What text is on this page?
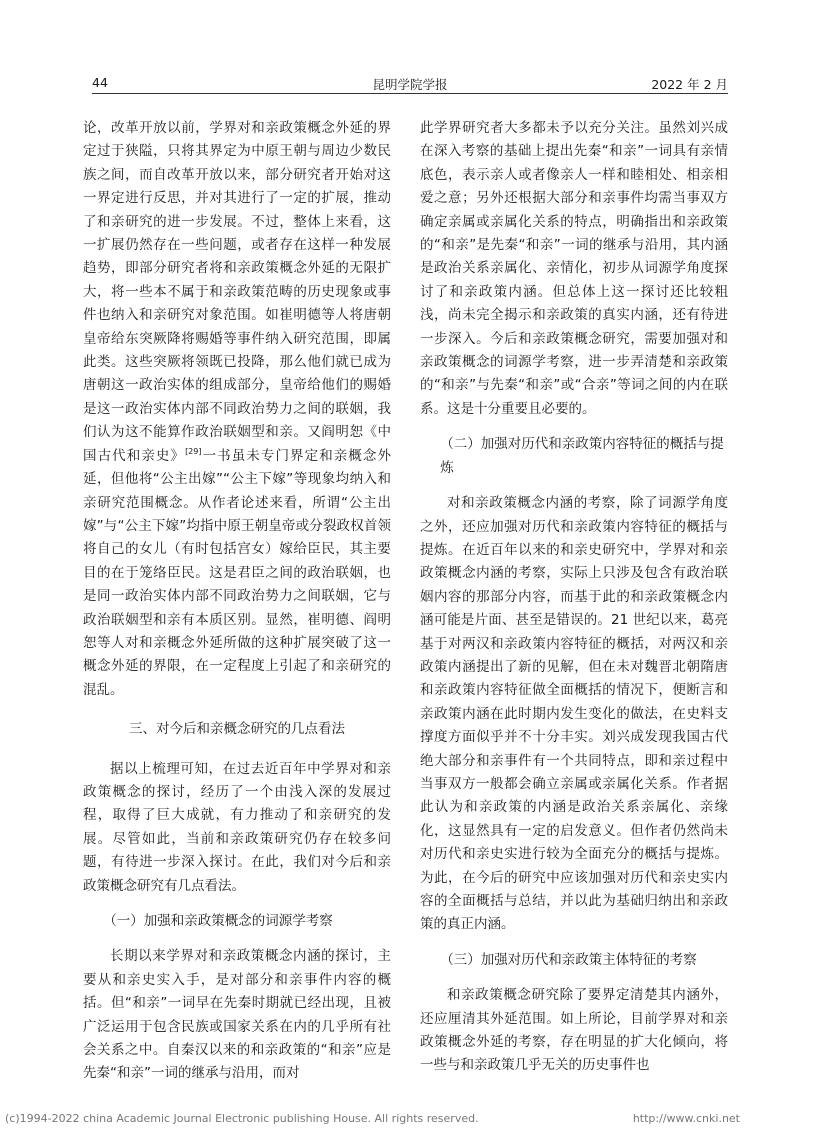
44	昆明学院学报	2022 年 2 月

论，改革开放以前，学界对和亲政策概念外延的界定过于狭隘，只将其界定为中原王朝与周边少数民族之间，而自改革开放以来，部分研究者开始对这一界定进行反思，并对其进行了一定的扩展，推动了和亲研究的进一步发展。不过，整体上来看，这一扩展仍然存在一些问题，或者存在这样一种发展趋势，即部分研究者将和亲政策概念外延的无限扩大，将一些本不属于和亲政策范畴的历史现象或事件也纳入和亲研究对象范围。如崔明德等人将唐朝皇帝给东突厥降将赐婚等事件纳入研究范围，即属此类。这些突厥将领既已投降，那么他们就已成为唐朝这一政治实体的组成部分，皇帝给他们的赐婚是这一政治实体内部不同政治势力之间的联姻，我们认为这不能算作政治联姻型和亲。又阎明恕《中国古代和亲史》[29]一书虽未专门界定和亲概念外延，但他将“公主出嫁”“公主下嫁”等现象均纳入和亲研究范围概念。从作者论述来看，所谓“公主出嫁”与“公主下嫁”均指中原王朝皇帝或分裂政权首领将自己的女儿（有时包括宫女）嫁给臣民，其主要目的在于笼络臣民。这是君臣之间的政治联姻，也是同一政治实体内部不同政治势力之间联姻，它与政治联姻型和亲有本质区别。显然，崔明德、阎明恕等人对和亲概念外延所做的这种扩展突破了这一概念外延的界限，在一定程度上引起了和亲研究的混乱。

三、对今后和亲概念研究的几点看法

据以上梳理可知，在过去近百年中学界对和亲政策概念的探讨，经历了一个由浅入深的发展过程，取得了巨大成就，有力推动了和亲研究的发展。尽管如此，当前和亲政策研究仍存在较多问题，有待进一步深入探讨。在此，我们对今后和亲政策概念研究有几点看法。

（一）加强和亲政策概念的词源学考察

长期以来学界对和亲政策概念内涵的探讨，主要从和亲史实入手，是对部分和亲事件内容的概括。但“和亲”一词早在先秦时期就已经出现，且被广泛运用于包含民族或国家关系在内的几乎所有社会关系之中。自秦汉以来的和亲政策的“和亲”应是先秦“和亲”一词的继承与沿用，而对

此学界研究者大多都未予以充分关注。虽然刘兴成在深入考察的基础上提出先秦“和亲”一词具有亲情底色，表示亲人或者像亲人一样和睦相处、相亲相爱之意；另外还根据大部分和亲事件均需当事双方确定亲属或亲属化关系的特点，明确指出和亲政策的“和亲”是先秦“和亲”一词的继承与沿用，其内涵是政治关系亲属化、亲情化，初步从词源学角度探讨了和亲政策内涵。但总体上这一探讨还比较粗浅，尚未完全揭示和亲政策的真实内涵，还有待进一步深入。今后和亲政策概念研究，需要加强对和亲政策概念的词源学考察，进一步弄清楚和亲政策的“和亲”与先秦“和亲”或“合亲”等词之间的内在联系。这是十分重要且必要的。

（二）加强对历代和亲政策内容特征的概括与提炼

对和亲政策概念内涵的考察，除了词源学角度之外，还应加强对历代和亲政策内容特征的概括与提炼。在近百年以来的和亲史研究中，学界对和亲政策概念内涵的考察，实际上只涉及包含有政治联姻内容的那部分内容，而基于此的和亲政策概念内涵可能是片面、甚至是错误的。21 世纪以来，葛亮基于对两汉和亲政策内容特征的概括，对两汉和亲政策内涵提出了新的见解，但在未对魏晋北朝隋唐和亲政策内容特征做全面概括的情况下，便断言和亲政策内涵在此时期内发生变化的做法，在史料支撑度方面似乎并不十分丰实。刘兴成发现我国古代绝大部分和亲事件有一个共同特点，即和亲过程中当事双方一般都会确立亲属或亲属化关系。作者据此认为和亲政策的内涵是政治关系亲属化、亲缘化，这显然具有一定的启发意义。但作者仍然尚未对历代和亲史实进行较为全面充分的概括与提炼。为此，在今后的研究中应该加强对历代和亲史实内容的全面概括与总结，并以此为基础归纳出和亲政策的真正内涵。

（三）加强对历代和亲政策主体特征的考察

和亲政策概念研究除了要界定清楚其内涵外，还应厘清其外延范围。如上所论，目前学界对和亲政策概念外延的考察，存在明显的扩大化倾向，将一些与和亲政策几乎无关的历史事件也

(c)1994-2022 china Academic Journal Electronic publishing House. All rights reserved.	http://www.cnki.net
